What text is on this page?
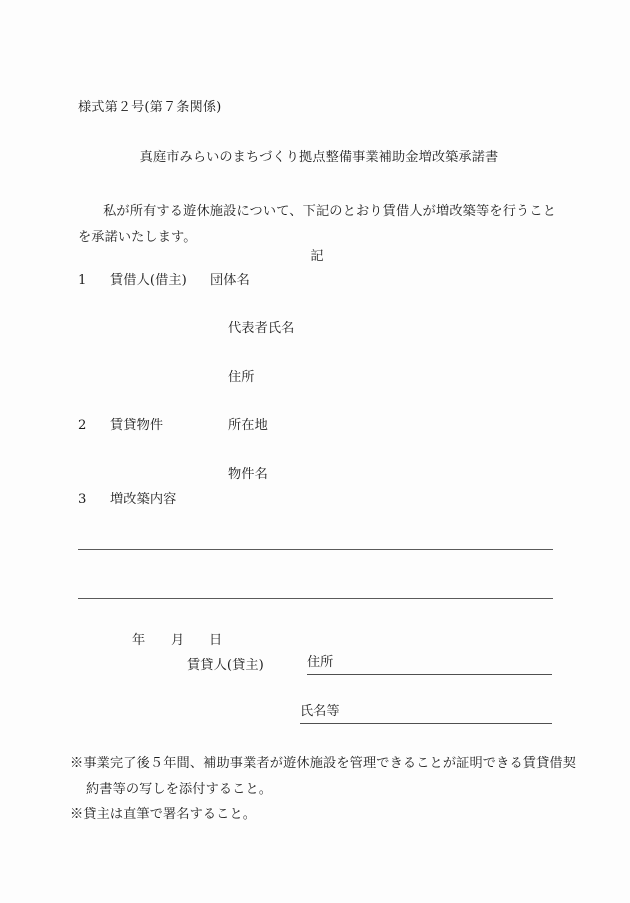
様式第２号(第７条関係)
真庭市みらいのまちづくり拠点整備事業補助金増改築承諾書
私が所有する遊休施設について、下記のとおり賃借人が増改築等を行うことを承諾いたします。
記
1 賃借人(借主) 団体名
代表者氏名
住所
2 賃貸物件	所在地
物件名
3 増改築内容
年 月 日
賃貸人(貸主)	住所
氏名等
※事業完了後５年間、補助事業者が遊休施設を管理できることが証明できる賃貸借契約書等の写しを添付すること。
※貸主は直筆で署名すること。
